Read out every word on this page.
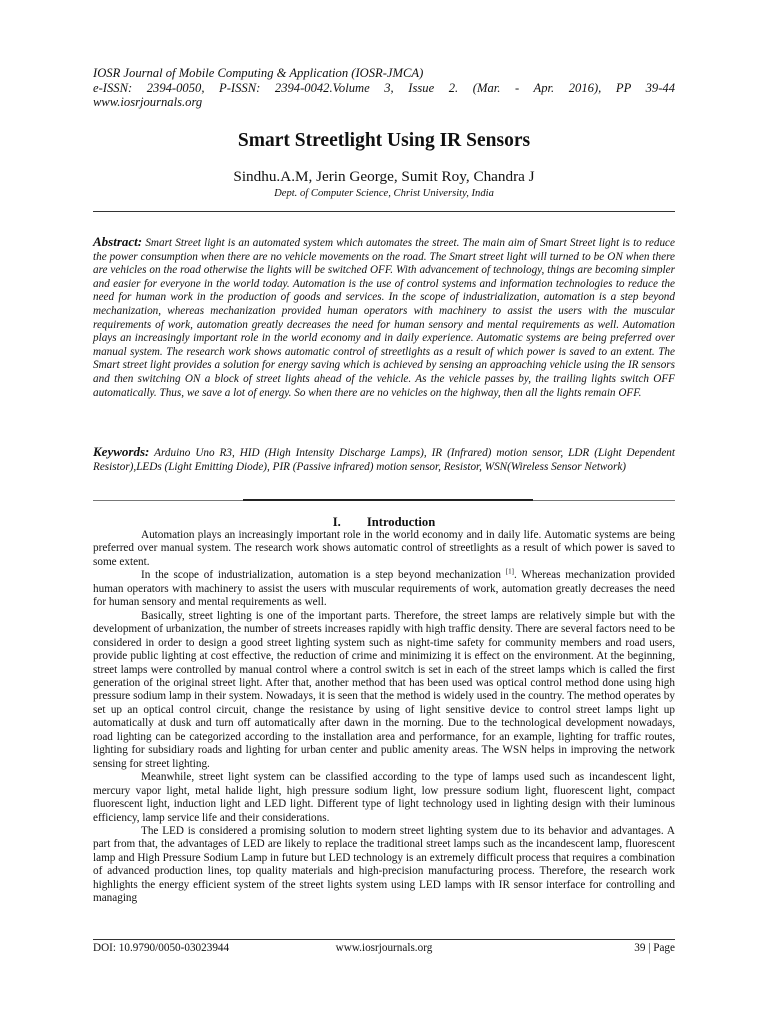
IOSR Journal of Mobile Computing & Application (IOSR-JMCA)
e-ISSN: 2394-0050, P-ISSN: 2394-0042.Volume 3, Issue 2. (Mar. - Apr. 2016), PP 39-44
www.iosrjournals.org
Smart Streetlight Using IR Sensors
Sindhu.A.M, Jerin George, Sumit Roy, Chandra J
Dept. of Computer Science, Christ University, India

Abstract: Smart Street light is an automated system which automates the street. The main aim of Smart Street light is to reduce the power consumption when there are no vehicle movements on the road. The Smart street light will turned to be ON when there are vehicles on the road otherwise the lights will be switched OFF. With advancement of technology, things are becoming simpler and easier for everyone in the world today. Automation is the use of control systems and information technologies to reduce the need for human work in the production of goods and services. In the scope of industrialization, automation is a step beyond mechanization, whereas mechanization provided human operators with machinery to assist the users with the muscular requirements of work, automation greatly decreases the need for human sensory and mental requirements as well. Automation plays an increasingly important role in the world economy and in daily experience. Automatic systems are being preferred over manual system. The research work shows automatic control of streetlights as a result of which power is saved to an extent. The Smart street light provides a solution for energy saving which is achieved by sensing an approaching vehicle using the IR sensors and then switching ON a block of street lights ahead of the vehicle. As the vehicle passes by, the trailing lights switch OFF automatically. Thus, we save a lot of energy. So when there are no vehicles on the highway, then all the lights remain OFF.

Keywords: Arduino Uno R3, HID (High Intensity Discharge Lamps), IR (Infrared) motion sensor, LDR (Light Dependent Resistor),LEDs (Light Emitting Diode), PIR (Passive infrared) motion sensor, Resistor, WSN(Wireless Sensor Network)

I. Introduction

Automation plays an increasingly important role in the world economy and in daily life. Automatic systems are being preferred over manual system. The research work shows automatic control of streetlights as a result of which power is saved to some extent.

In the scope of industrialization, automation is a step beyond mechanization [1]. Whereas mechanization provided human operators with machinery to assist the users with muscular requirements of work, automation greatly decreases the need for human sensory and mental requirements as well.

Basically, street lighting is one of the important parts. Therefore, the street lamps are relatively simple but with the development of urbanization, the number of streets increases rapidly with high traffic density. There are several factors need to be considered in order to design a good street lighting system such as night-time safety for community members and road users, provide public lighting at cost effective, the reduction of crime and minimizing it is effect on the environment. At the beginning, street lamps were controlled by manual control where a control switch is set in each of the street lamps which is called the first generation of the original street light. After that, another method that has been used was optical control method done using high pressure sodium lamp in their system. Nowadays, it is seen that the method is widely used in the country. The method operates by set up an optical control circuit, change the resistance by using of light sensitive device to control street lamps light up automatically at dusk and turn off automatically after dawn in the morning. Due to the technological development nowadays, road lighting can be categorized according to the installation area and performance, for an example, lighting for traffic routes, lighting for subsidiary roads and lighting for urban center and public amenity areas. The WSN helps in improving the network sensing for street lighting.

Meanwhile, street light system can be classified according to the type of lamps used such as incandescent light, mercury vapor light, metal halide light, high pressure sodium light, low pressure sodium light, fluorescent light, compact fluorescent light, induction light and LED light. Different type of light technology used in lighting design with their luminous efficiency, lamp service life and their considerations.

The LED is considered a promising solution to modern street lighting system due to its behavior and advantages. A part from that, the advantages of LED are likely to replace the traditional street lamps such as the incandescent lamp, fluorescent lamp and High Pressure Sodium Lamp in future but LED technology is an extremely difficult process that requires a combination of advanced production lines, top quality materials and high-precision manufacturing process. Therefore, the research work highlights the energy efficient system of the street lights system using LED lamps with IR sensor interface for controlling and managing

DOI: 10.9790/0050-03023944	www.iosrjournals.org	39 | Page
